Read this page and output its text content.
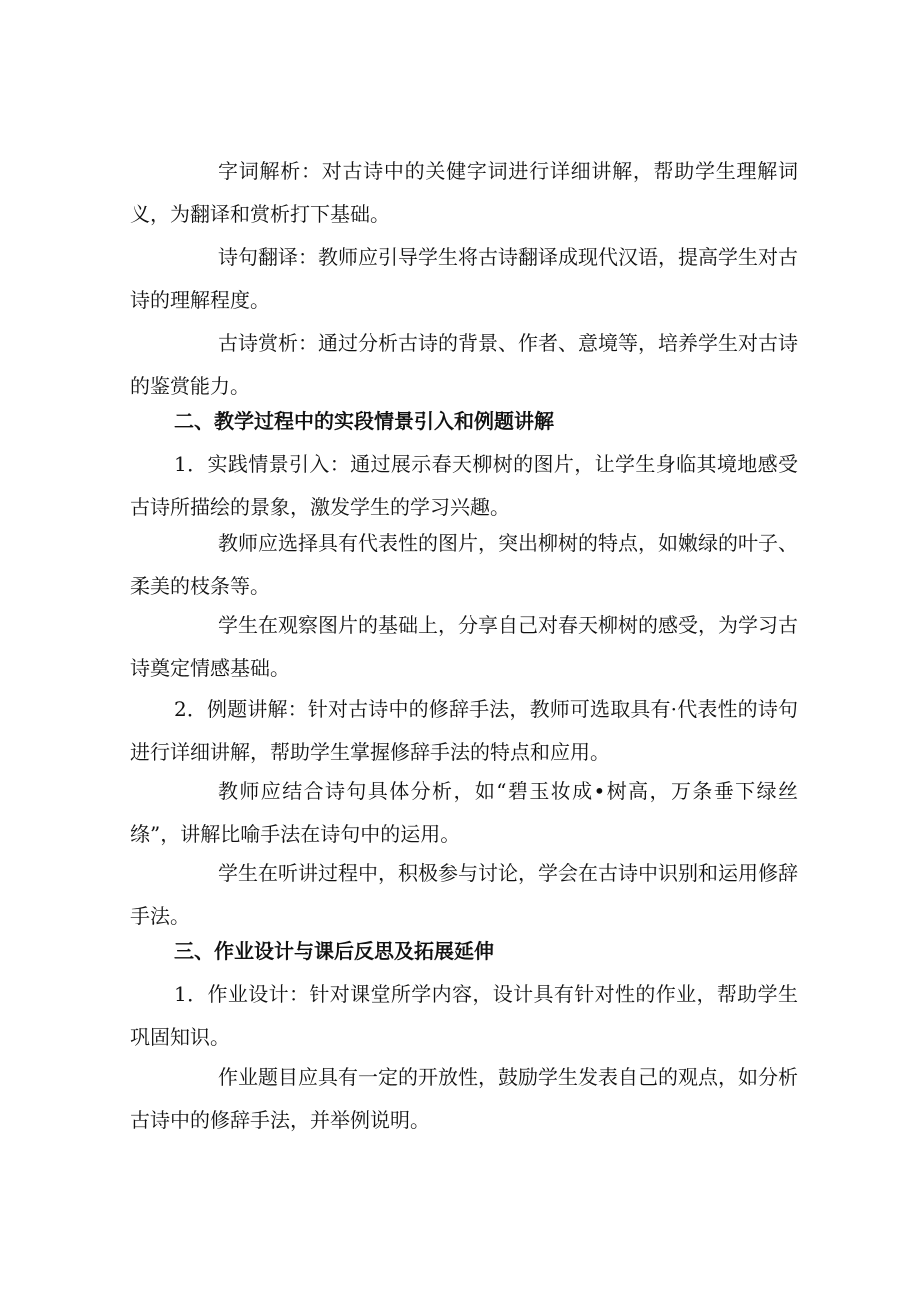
字词解析：对古诗中的关健字词进行详细讲解，帮助学生理解词义，为翻译和赏析打下基础。

诗句翻译：教师应引导学生将古诗翻译成现代汉语，提高学生对古诗的理解程度。

古诗赏析：通过分析古诗的背景、作者、意境等，培养学生对古诗的鉴赏能力。

二、教学过程中的实段情景引入和例题讲解

1．实践情景引入：通过展示春天柳树的图片，让学生身临其境地感受古诗所描绘的景象，激发学生的学习兴趣。

教师应选择具有代表性的图片，突出柳树的特点，如嫩绿的叶子、柔美的枝条等。

学生在观察图片的基础上，分享自己对春天柳树的感受，为学习古诗奠定情感基础。

2．例题讲解：针对古诗中的修辞手法，教师可选取具有·代表性的诗句进行详细讲解，帮助学生掌握修辞手法的特点和应用。

教师应结合诗句具体分析，如“碧玉妆成•树高，万条垂下绿丝绦”，讲解比喻手法在诗句中的运用。

学生在听讲过程中，积极参与讨论，学会在古诗中识别和运用修辞手法。

三、作业设计与课后反思及拓展延伸

1．作业设计：针对课堂所学内容，设计具有针对性的作业，帮助学生巩固知识。

作业题目应具有一定的开放性，鼓励学生发表自己的观点，如分析古诗中的修辞手法，并举例说明。
